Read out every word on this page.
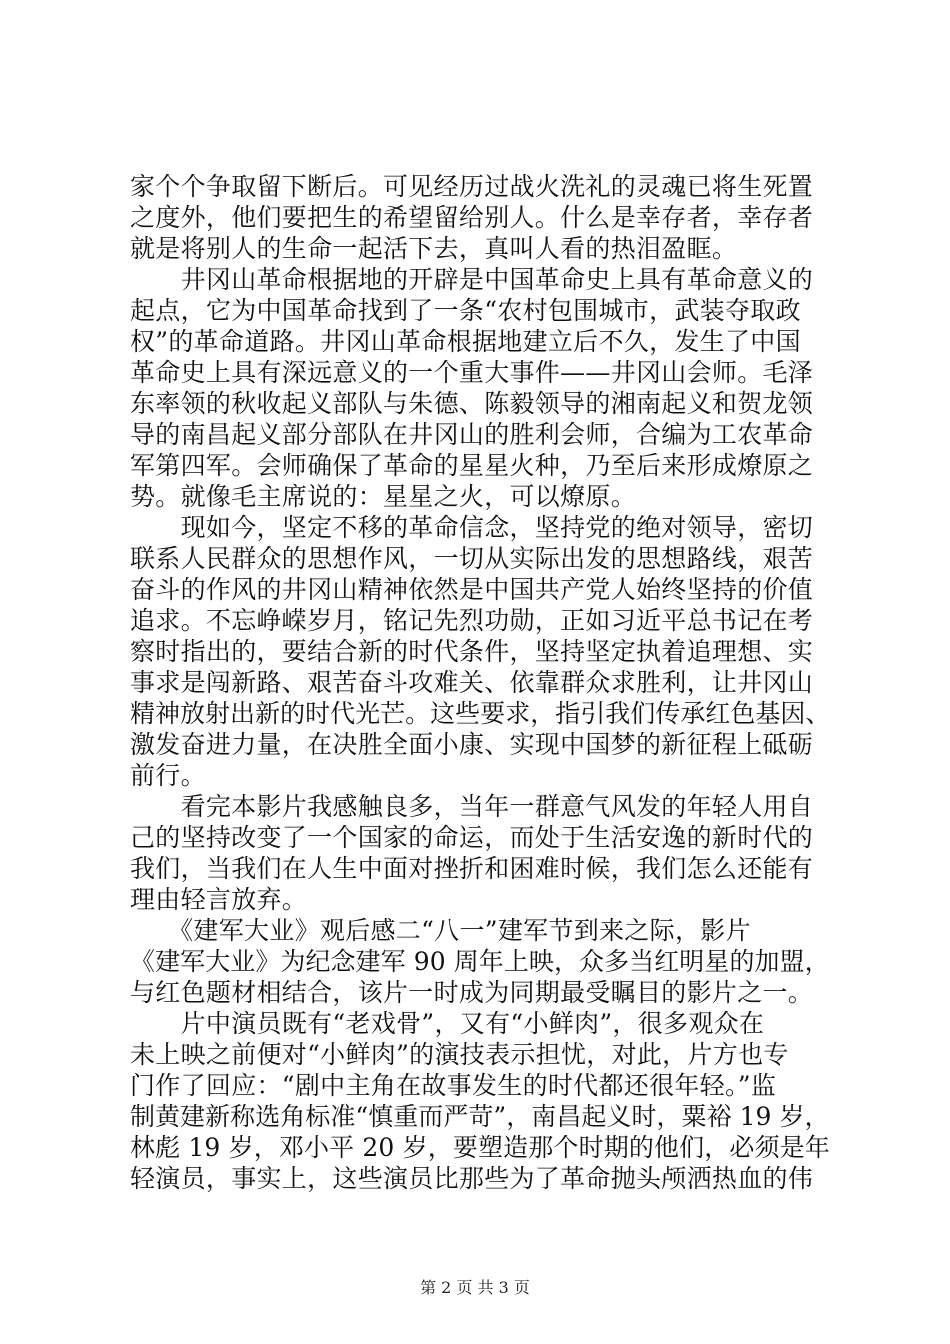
家个个争取留下断后。可见经历过战火洗礼的灵魂已将生死置
之度外，他们要把生的希望留给别人。什么是幸存者，幸存者
就是将别人的生命一起活下去，真叫人看的热泪盈眶。
　　井冈山革命根据地的开辟是中国革命史上具有革命意义的
起点，它为中国革命找到了一条“农村包围城市，武装夺取政
权”的革命道路。井冈山革命根据地建立后不久，发生了中国
革命史上具有深远意义的一个重大事件——井冈山会师。毛泽
东率领的秋收起义部队与朱德、陈毅领导的湘南起义和贺龙领
导的南昌起义部分部队在井冈山的胜利会师，合编为工农革命
军第四军。会师确保了革命的星星火种，乃至后来形成燎原之
势。就像毛主席说的：星星之火，可以燎原。
　　现如今，坚定不移的革命信念，坚持党的绝对领导，密切
联系人民群众的思想作风，一切从实际出发的思想路线，艰苦
奋斗的作风的井冈山精神依然是中国共产党人始终坚持的价值
追求。不忘峥嵘岁月，铭记先烈功勋，正如习近平总书记在考
察时指出的，要结合新的时代条件，坚持坚定执着追理想、实
事求是闯新路、艰苦奋斗攻难关、依靠群众求胜利，让井冈山
精神放射出新的时代光芒。这些要求，指引我们传承红色基因、
激发奋进力量，在决胜全面小康、实现中国梦的新征程上砥砺
前行。
　　看完本影片我感触良多，当年一群意气风发的年轻人用自
己的坚持改变了一个国家的命运，而处于生活安逸的新时代的
我们，当我们在人生中面对挫折和困难时候，我们怎么还能有
理由轻言放弃。
　　《建军大业》观后感二“八一”建军节到来之际，影片
《建军大业》为纪念建军 90 周年上映，众多当红明星的加盟，
与红色题材相结合，该片一时成为同期最受瞩目的影片之一。
　　片中演员既有“老戏骨”，又有“小鲜肉”，很多观众在
未上映之前便对“小鲜肉”的演技表示担忧，对此，片方也专
门作了回应：“剧中主角在故事发生的时代都还很年轻。”监
制黄建新称选角标准“慎重而严苛”，南昌起义时，粟裕 19 岁，
林彪 19 岁，邓小平 20 岁，要塑造那个时期的他们，必须是年
轻演员，事实上，这些演员比那些为了革命抛头颅洒热血的伟
第 2 页 共 3 页
